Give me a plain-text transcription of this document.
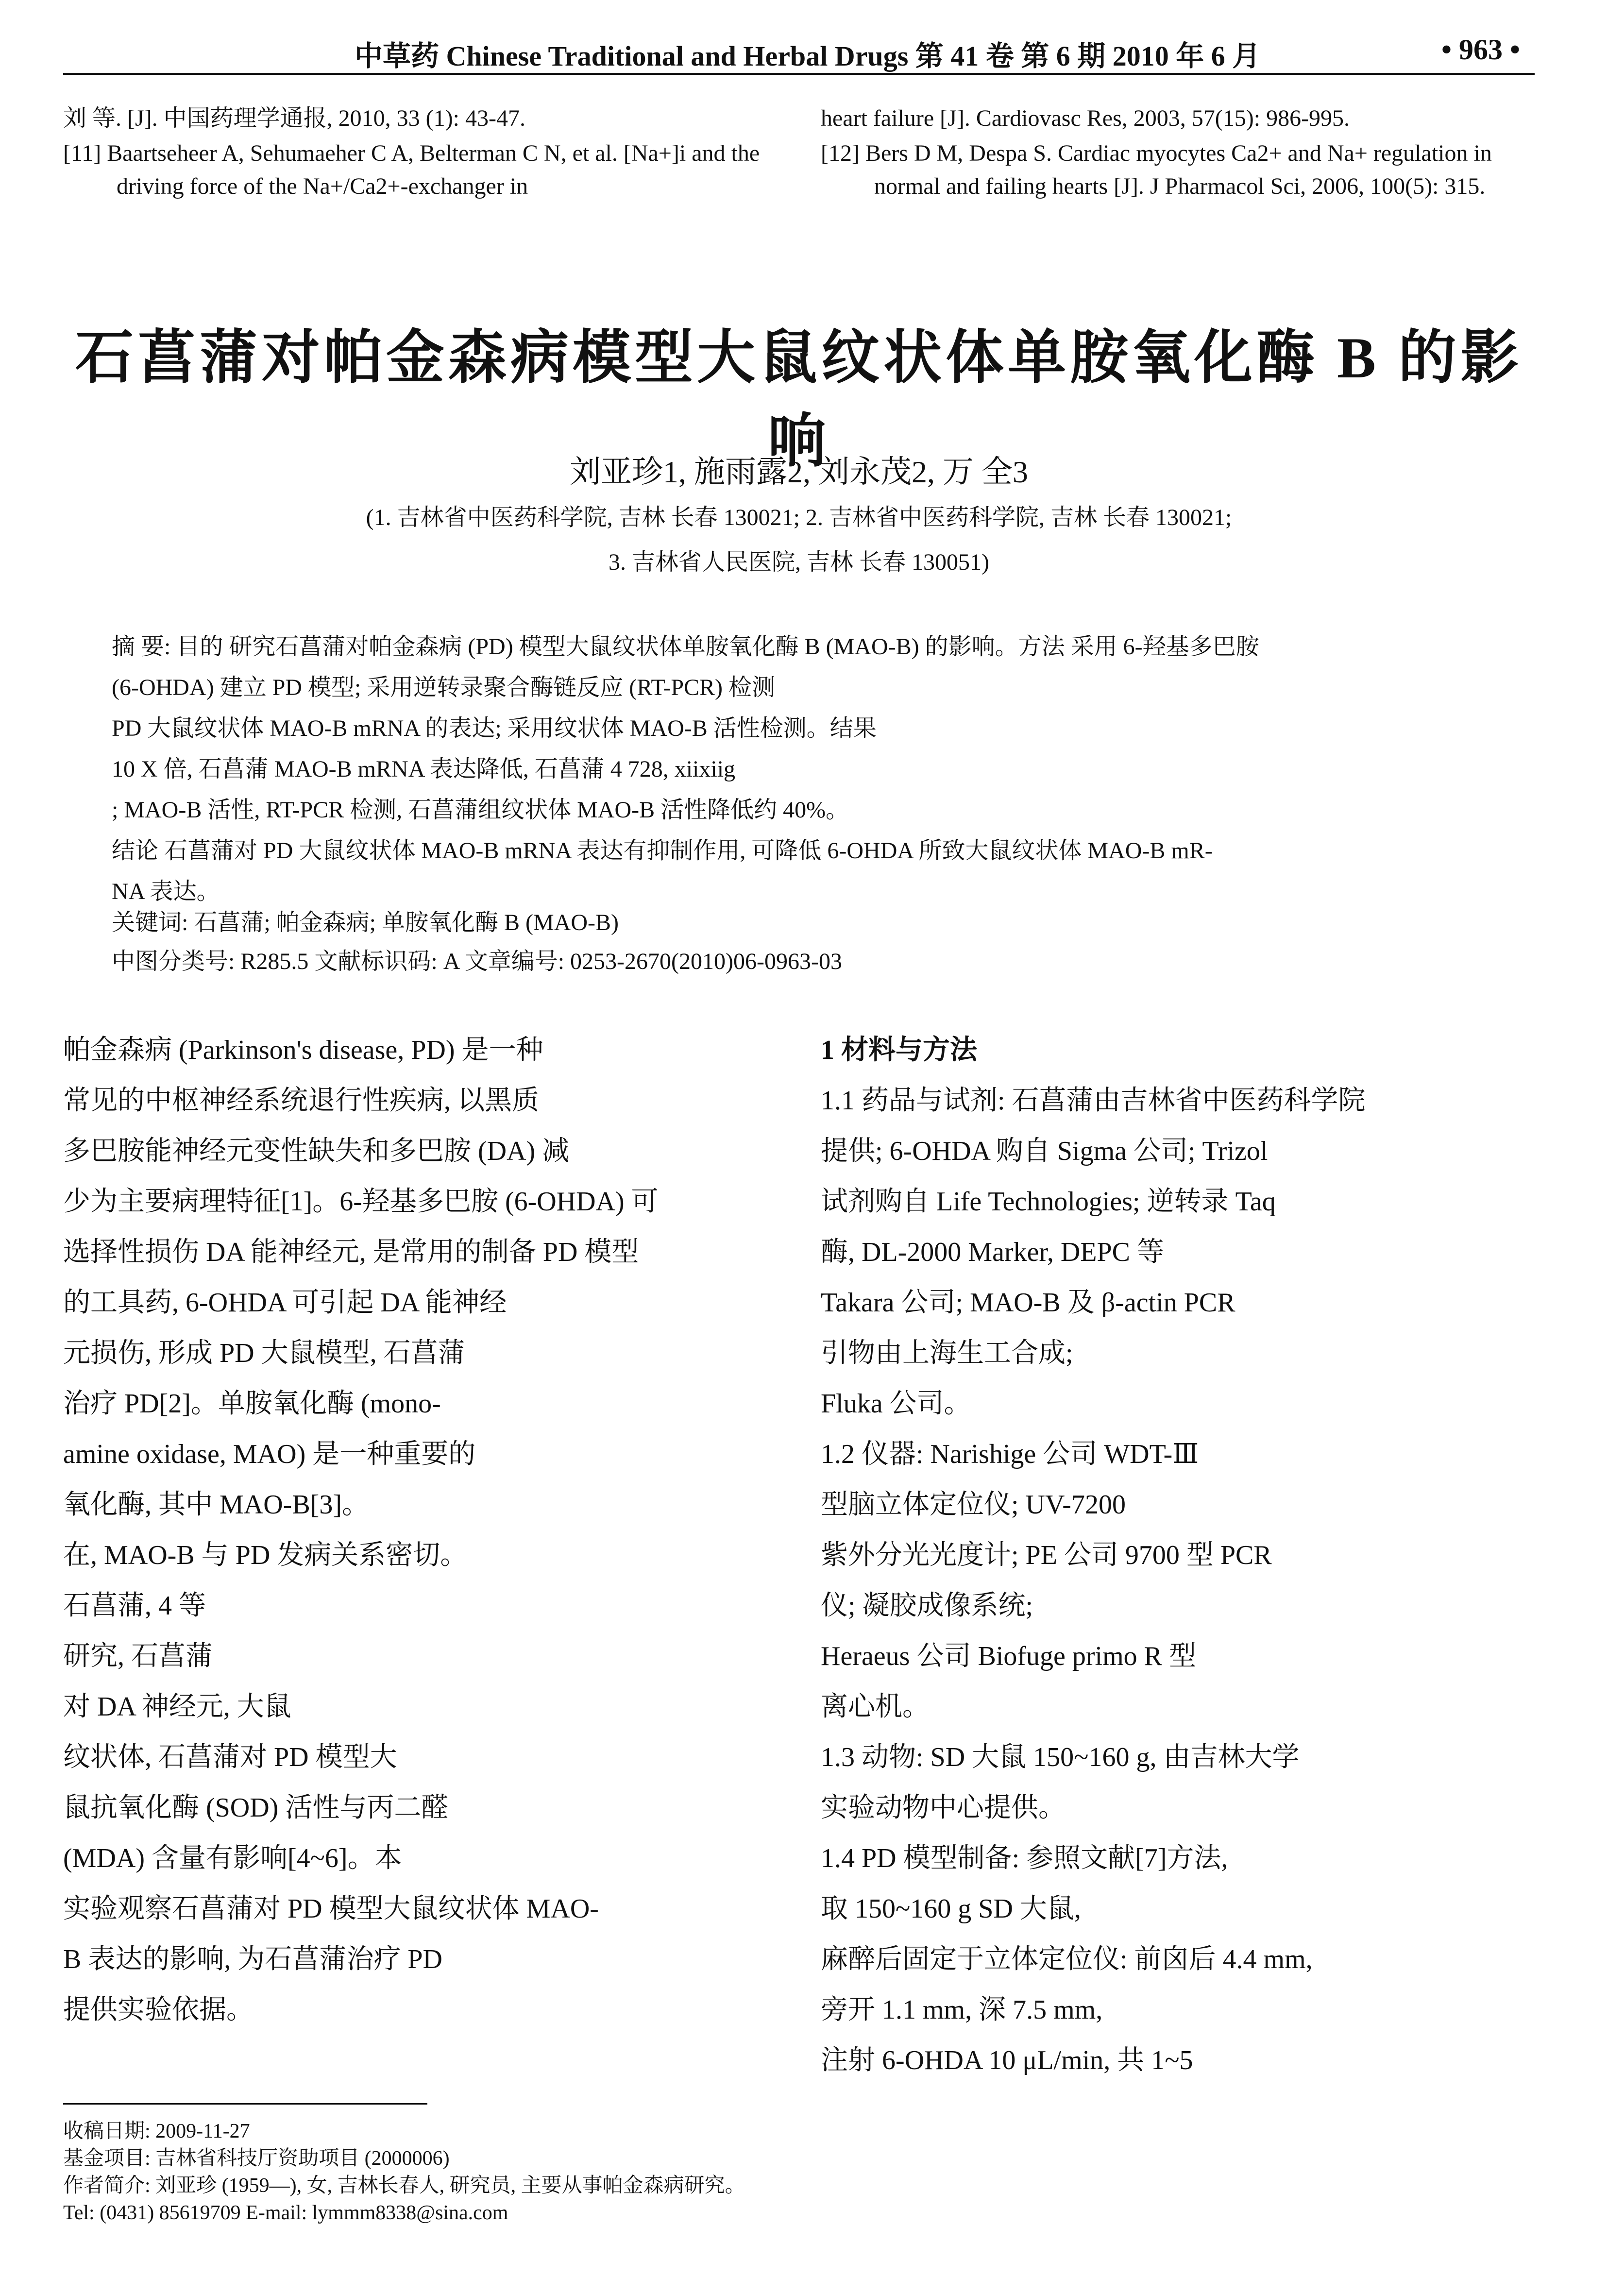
中草药 Chinese Traditional and Herbal Drugs 第 41 卷 第 6 期 2010 年 6 月	• 963 •

刘 等. [J]. 中国药理学通报, 2010, 33 (1): 43-47.

[11] Baartseheer A, Sehumaeher C A, Belterman C N, et al. [Na+]i and the driving force of the Na+/Ca2+-exchanger in

heart failure [J]. Cardiovasc Res, 2003, 57(15): 986-995.

[12] Bers D M, Despa S. Cardiac myocytes Ca2+ and Na+ regulation in normal and failing hearts [J]. J Pharmacol Sci, 2006, 100(5): 315.

石菖蒲对帕金森病模型大鼠纹状体单胺氧化酶 B 的影响
刘亚珍1, 施雨露2, 刘永茂2, 万 全3
(1. 吉林省中医药科学院, 吉林 长春 130021; 2. 吉林省中医药科学院, 吉林 长春 130021;
3. 吉林省人民医院, 吉林 长春 130051)
摘 要: 目的 研究石菖蒲对帕金森病 (PD) 模型大鼠纹状体单胺氧化酶 B (MAO-B) 的影响。方法 采用 6-羟基多巴胺
(6-OHDA) 建立 PD 模型; 采用逆转录聚合酶链反应 (RT-PCR) 检测
PD 大鼠纹状体 MAO-B mRNA 的表达; 采用纹状体 MAO-B 活性检测。结果
10 X 倍, 石菖蒲 MAO-B mRNA 表达降低, 石菖蒲 4 728, xiixiig
; MAO-B 活性, RT-PCR 检测, 石菖蒲组纹状体 MAO-B 活性降低约 40%。
结论 石菖蒲对 PD 大鼠纹状体 MAO-B mRNA 表达有抑制作用, 可降低 6-OHDA 所致大鼠纹状体 MAO-B mR-
NA 表达。
关键词: 石菖蒲; 帕金森病; 单胺氧化酶 B (MAO-B)
中图分类号: R285.5 文献标识码: A 文章编号: 0253-2670(2010)06-0963-03

帕金森病 (Parkinson's disease, PD) 是一种

常见的中枢神经系统退行性疾病, 以黑质

多巴胺能神经元变性缺失和多巴胺 (DA) 减

少为主要病理特征[1]。6-羟基多巴胺 (6-OHDA) 可

选择性损伤 DA 能神经元, 是常用的制备 PD 模型

的工具药, 6-OHDA 可引起 DA 能神经

元损伤, 形成 PD 大鼠模型, 石菖蒲

治疗 PD[2]。单胺氧化酶 (mono-

amine oxidase, MAO) 是一种重要的

氧化酶, 其中 MAO-B[3]。

在, MAO-B 与 PD 发病关系密切。

石菖蒲, 4 等

研究, 石菖蒲

对 DA 神经元, 大鼠

纹状体, 石菖蒲对 PD 模型大

鼠抗氧化酶 (SOD) 活性与丙二醛

(MDA) 含量有影响[4~6]。本

实验观察石菖蒲对 PD 模型大鼠纹状体 MAO-

B 表达的影响, 为石菖蒲治疗 PD

提供实验依据。

1 材料与方法

1.1 药品与试剂: 石菖蒲由吉林省中医药科学院

提供; 6-OHDA 购自 Sigma 公司; Trizol

试剂购自 Life Technologies; 逆转录 Taq

酶, DL-2000 Marker, DEPC 等

Takara 公司; MAO-B 及 β-actin PCR

引物由上海生工合成;

Fluka 公司。

1.2 仪器: Narishige 公司 WDT-Ⅲ

型脑立体定位仪; UV-7200

紫外分光光度计; PE 公司 9700 型 PCR

仪; 凝胶成像系统;

Heraeus 公司 Biofuge primo R 型

离心机。

1.3 动物: SD 大鼠 150~160 g, 由吉林大学

实验动物中心提供。

1.4 PD 模型制备: 参照文献[7]方法,

取 150~160 g SD 大鼠,

麻醉后固定于立体定位仪: 前囟后 4.4 mm,

旁开 1.1 mm, 深 7.5 mm,

注射 6-OHDA 10 μL/min, 共 1~5

收稿日期: 2009-11-27
基金项目: 吉林省科技厅资助项目 (2000006)
作者简介: 刘亚珍 (1959—), 女, 吉林长春人, 研究员, 主要从事帕金森病研究。
Tel: (0431) 85619709 E-mail: lymmm8338@sina.com
